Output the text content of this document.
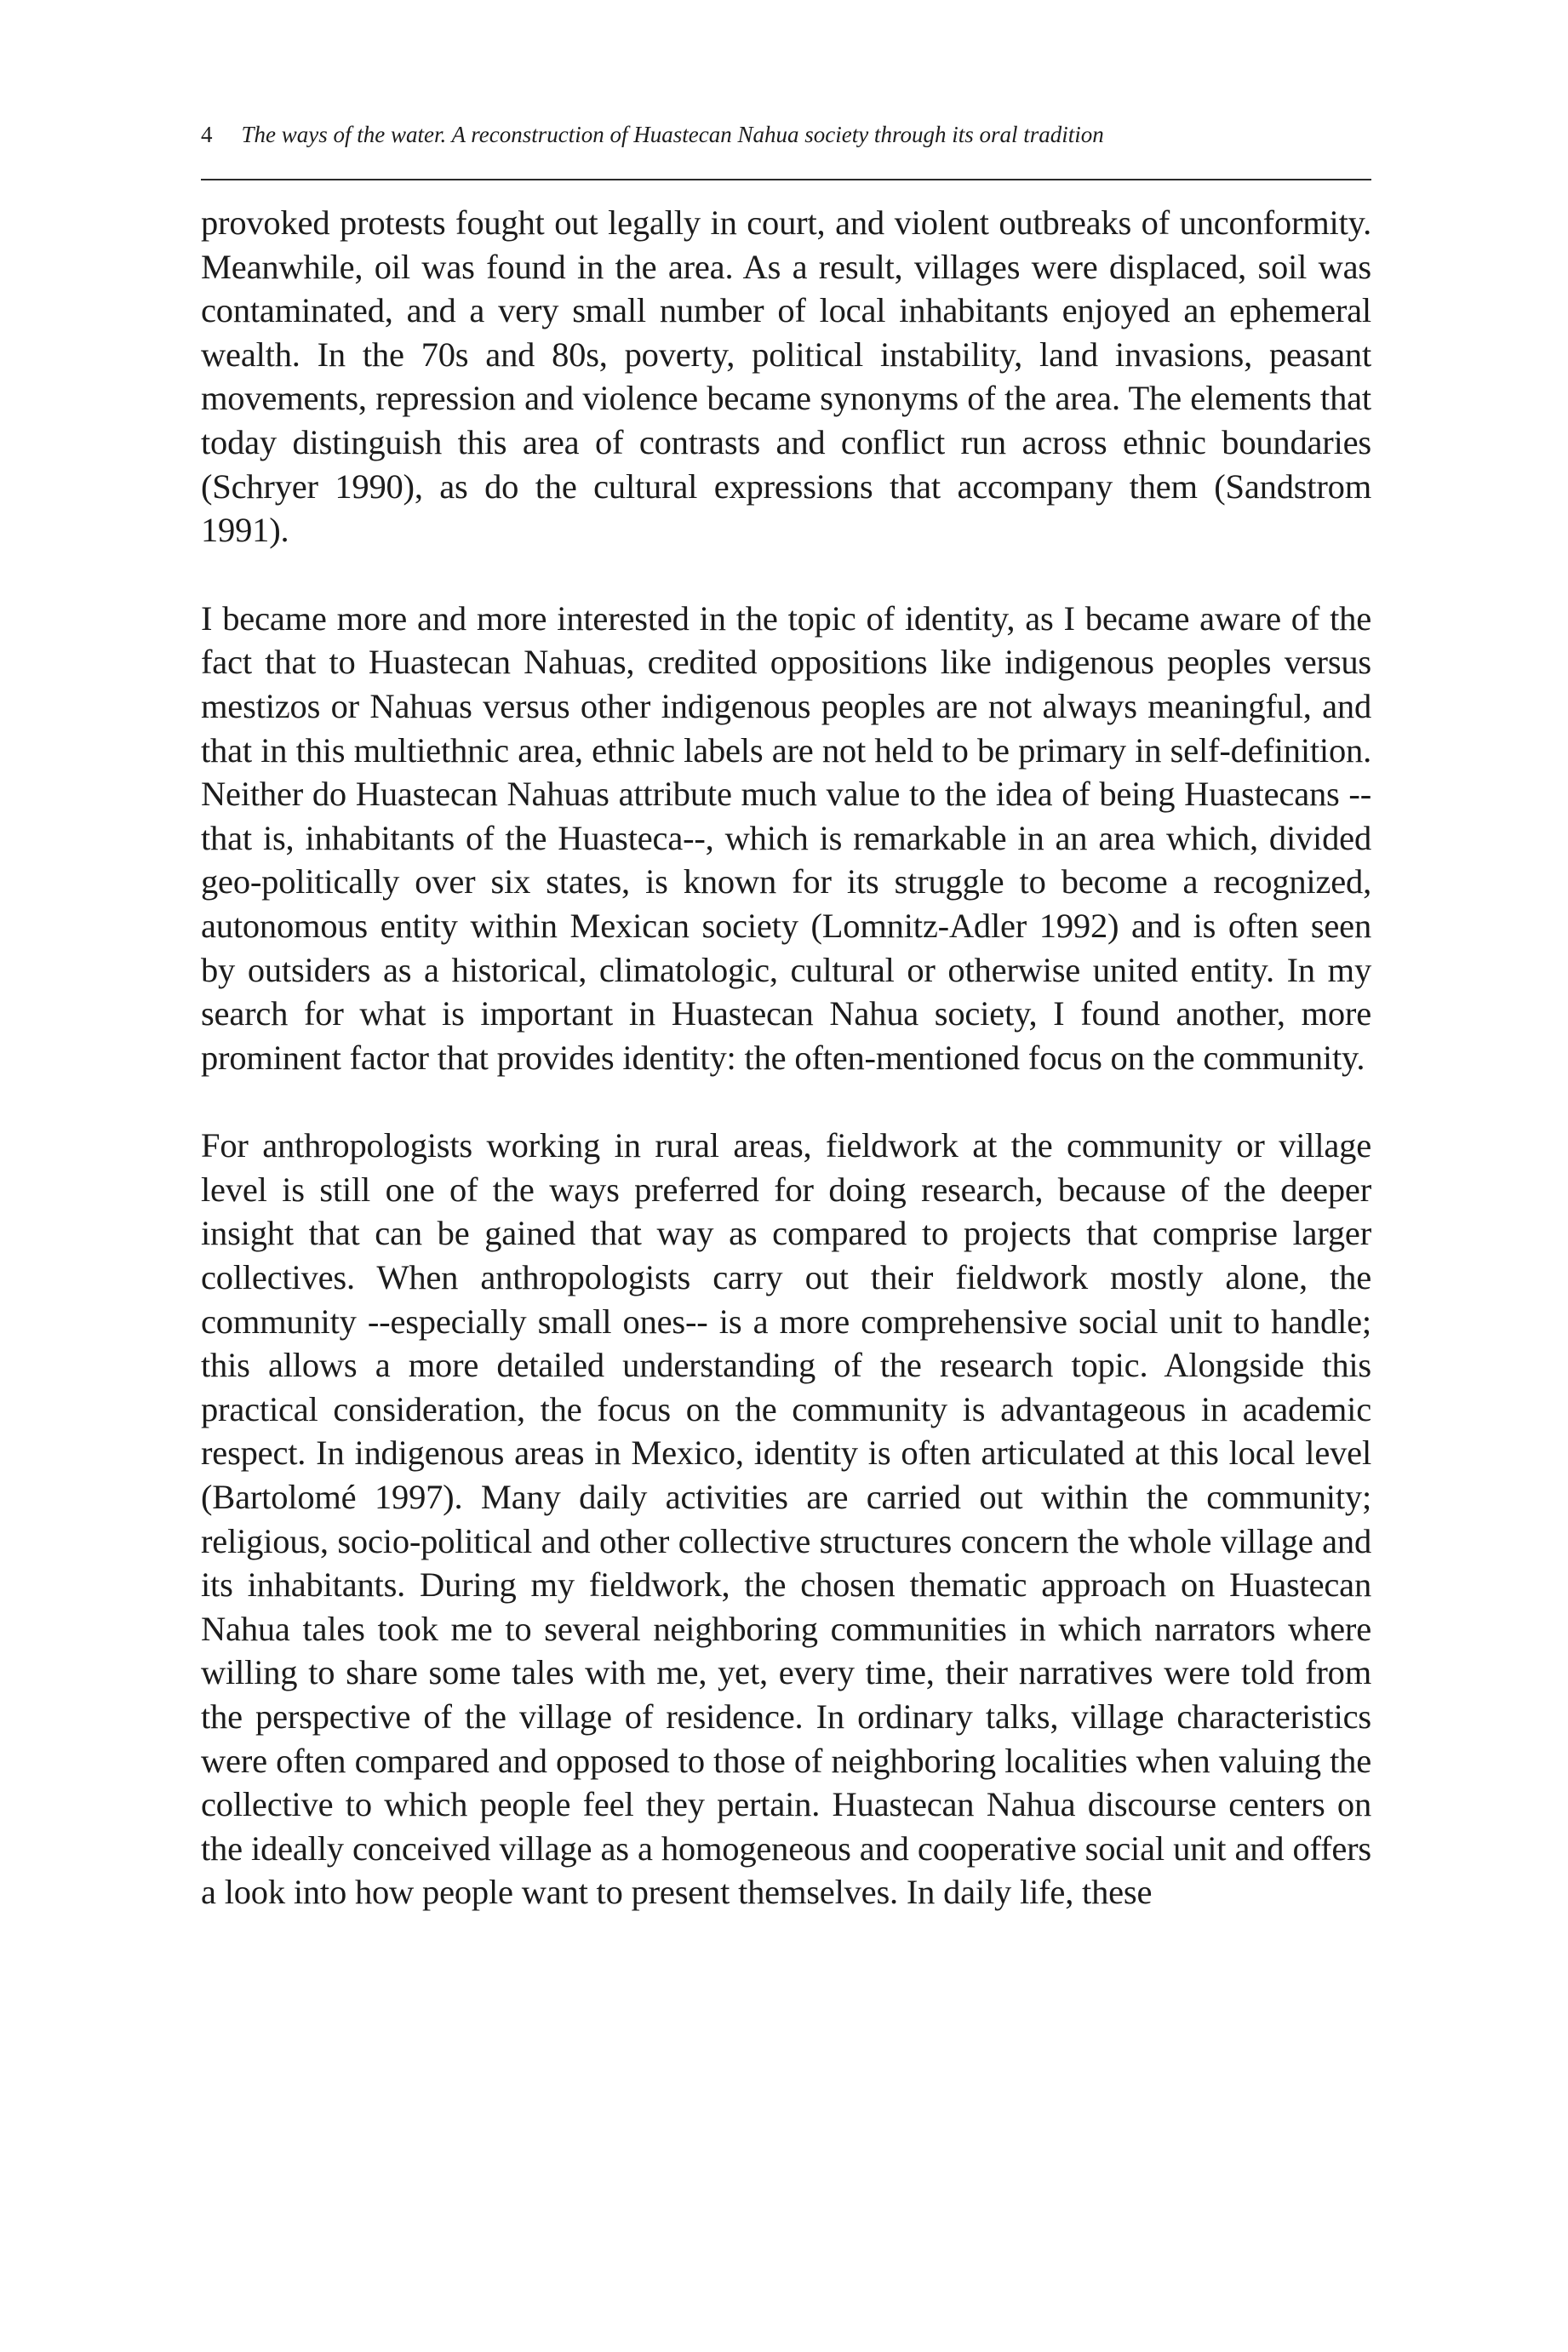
4 The ways of the water. A reconstruction of Huastecan Nahua society through its oral tradition

provoked protests fought out legally in court, and violent outbreaks of unconformity. Meanwhile, oil was found in the area. As a result, villages were displaced, soil was contaminated, and a very small number of local inhabitants enjoyed an ephemeral wealth. In the 70s and 80s, poverty, political instability, land invasions, peasant movements, repression and violence became synonyms of the area. The elements that today distinguish this area of contrasts and conflict run across ethnic boundaries (Schryer 1990), as do the cultural expressions that accompany them (Sandstrom 1991).

I became more and more interested in the topic of identity, as I became aware of the fact that to Huastecan Nahuas, credited oppositions like indigenous peoples versus mestizos or Nahuas versus other indigenous peoples are not always meaningful, and that in this multiethnic area, ethnic labels are not held to be primary in self-definition. Neither do Huastecan Nahuas attribute much value to the idea of being Huastecans --that is, inhabitants of the Huasteca--, which is remarkable in an area which, divided geo-politically over six states, is known for its struggle to become a recognized, autonomous entity within Mexican society (Lomnitz-Adler 1992) and is often seen by outsiders as a historical, climatologic, cultural or otherwise united entity. In my search for what is important in Huastecan Nahua society, I found another, more prominent factor that provides identity: the often-mentioned focus on the community.

For anthropologists working in rural areas, fieldwork at the community or village level is still one of the ways preferred for doing research, because of the deeper insight that can be gained that way as compared to projects that comprise larger collectives. When anthropologists carry out their fieldwork mostly alone, the community --especially small ones-- is a more comprehensive social unit to handle; this allows a more detailed understanding of the research topic. Alongside this practical consideration, the focus on the community is advantageous in academic respect. In indigenous areas in Mexico, identity is often articulated at this local level (Bartolomé 1997). Many daily activities are carried out within the community; religious, socio-political and other collective structures concern the whole village and its inhabitants. During my fieldwork, the chosen thematic approach on Huastecan Nahua tales took me to several neighboring communities in which narrators where willing to share some tales with me, yet, every time, their narratives were told from the perspective of the village of residence. In ordinary talks, village characteristics were often compared and opposed to those of neighboring localities when valuing the collective to which people feel they pertain. Huastecan Nahua discourse centers on the ideally conceived village as a homogeneous and cooperative social unit and offers a look into how people want to present themselves. In daily life, these
